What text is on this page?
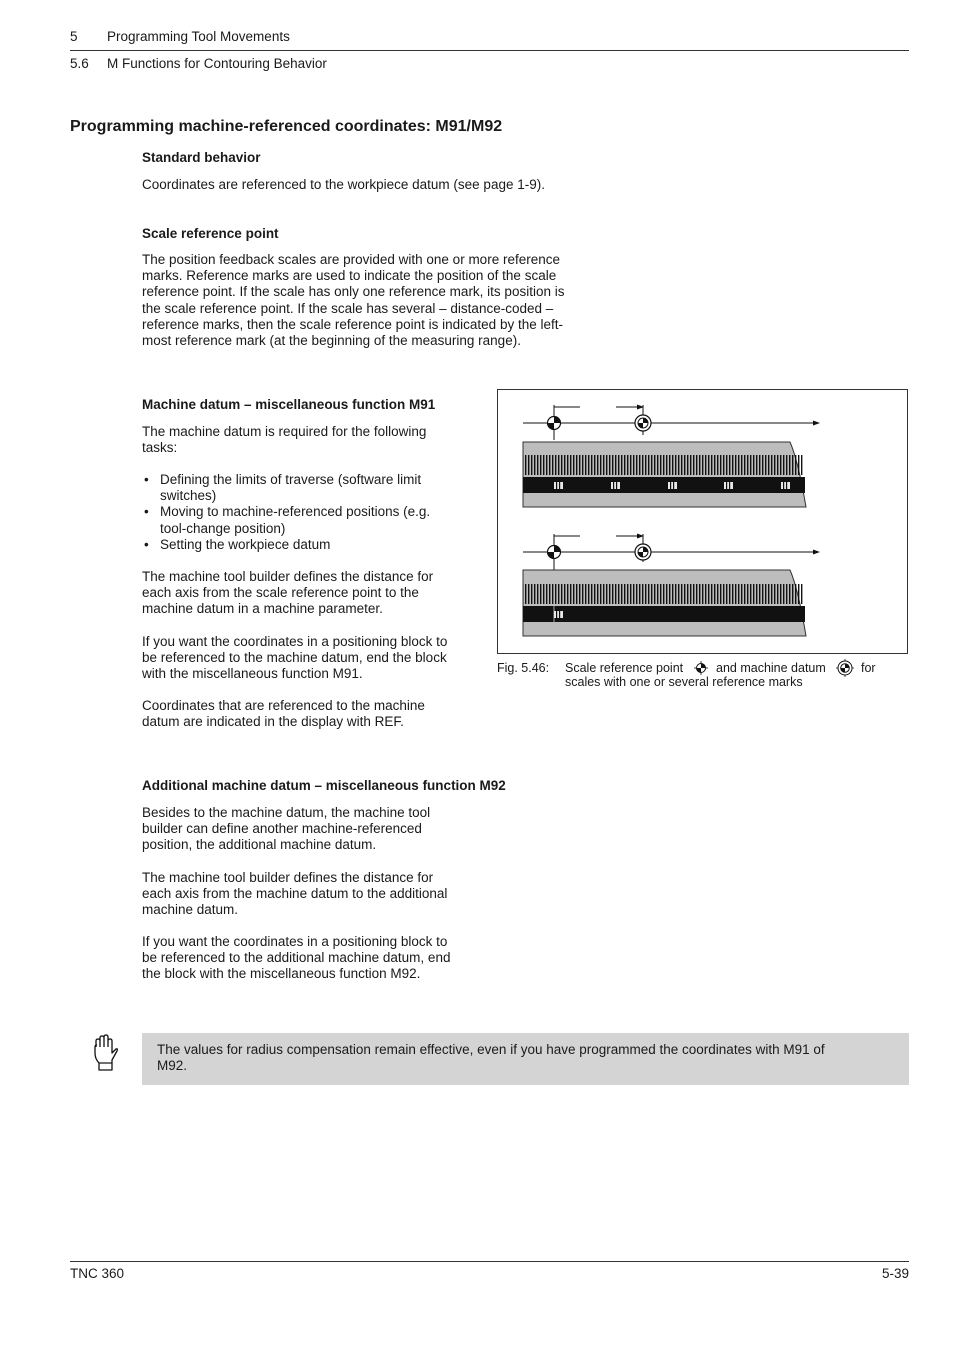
5 Programming Tool Movements
5.6 M Functions for Contouring Behavior
Programming machine-referenced coordinates: M91/M92
Standard behavior

Coordinates are referenced to the workpiece datum (see page 1-9).

Scale reference point
The position feedback scales are provided with one or more reference
marks. Reference marks are used to indicate the position of the scale
reference point. If the scale has only one reference mark, its position is
the scale reference point. If the scale has several – distance-coded –
reference marks, then the scale reference point is indicated by the left-
most reference mark (at the beginning of the measuring range).
Machine datum – miscellaneous function M91
The machine datum is required for the following
tasks:
• Defining the limits of traverse (software limit
switches)
• Moving to machine-referenced positions (e.g.
tool-change position)
• Setting the workpiece datum
The machine tool builder defines the distance for
each axis from the scale reference point to the
machine datum in a machine parameter.
If you want the coordinates in a positioning block to
be referenced to the machine datum, end the block
with the miscellaneous function M91.
Coordinates that are referenced to the machine
datum are indicated in the display with REF.
Fig. 5.46: Scale reference point	and machine datum	for
scales with one or several reference marks
Additional machine datum – miscellaneous function M92
Besides to the machine datum, the machine tool
builder can define another machine-referenced
position, the additional machine datum.
The machine tool builder defines the distance for
each axis from the machine datum to the additional
machine datum.
If you want the coordinates in a positioning block to
be referenced to the additional machine datum, end
the block with the miscellaneous function M92.

The values for radius compensation remain effective, even if you have programmed the coordinates with M91 of
M92.

TNC 360	5-39
